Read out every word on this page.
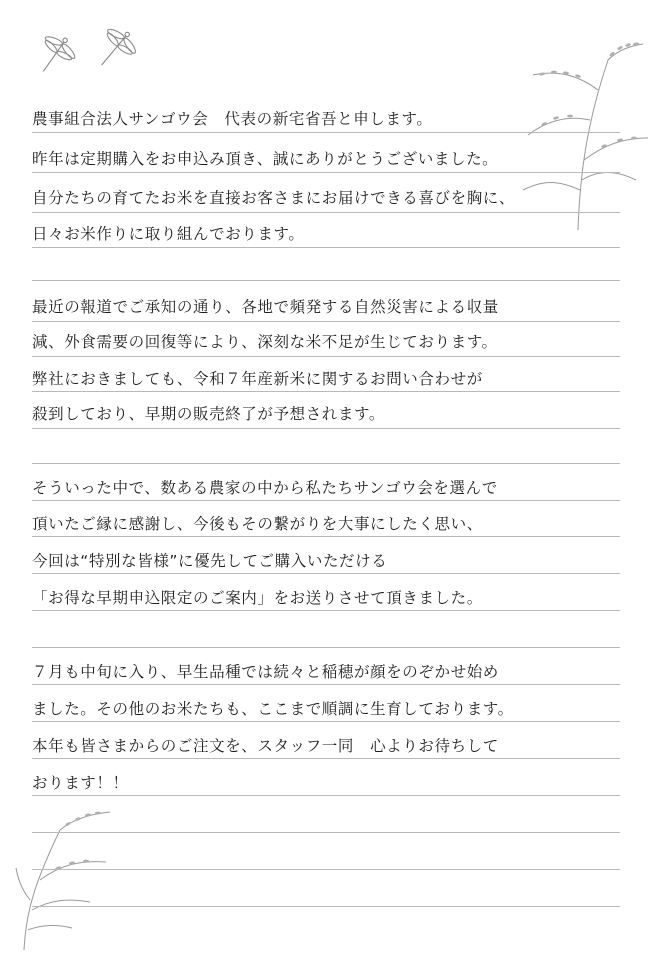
農事組合法人サンゴウ会　代表の新宅省吾と申します。
昨年は定期購入をお申込み頂き、誠にありがとうございました。
自分たちの育てたお米を直接お客さまにお届けできる喜びを胸に、
日々お米作りに取り組んでおります。
最近の報道でご承知の通り、各地で頻発する自然災害による収量
減、外食需要の回復等により、深刻な米不足が生じております。
弊社におきましても、令和７年産新米に関するお問い合わせが
殺到しており、早期の販売終了が予想されます。
そういった中で、数ある農家の中から私たちサンゴウ会を選んで
頂いたご縁に感謝し、今後もその繋がりを大事にしたく思い、
今回は“特別な皆様”に優先してご購入いただける
「お得な早期申込限定のご案内」をお送りさせて頂きました。
７月も中旬に入り、早生品種では続々と稲穂が顔をのぞかせ始め
ました。その他のお米たちも、ここまで順調に生育しております。
本年も皆さまからのご注文を、スタッフ一同　心よりお待ちして
おります！！
